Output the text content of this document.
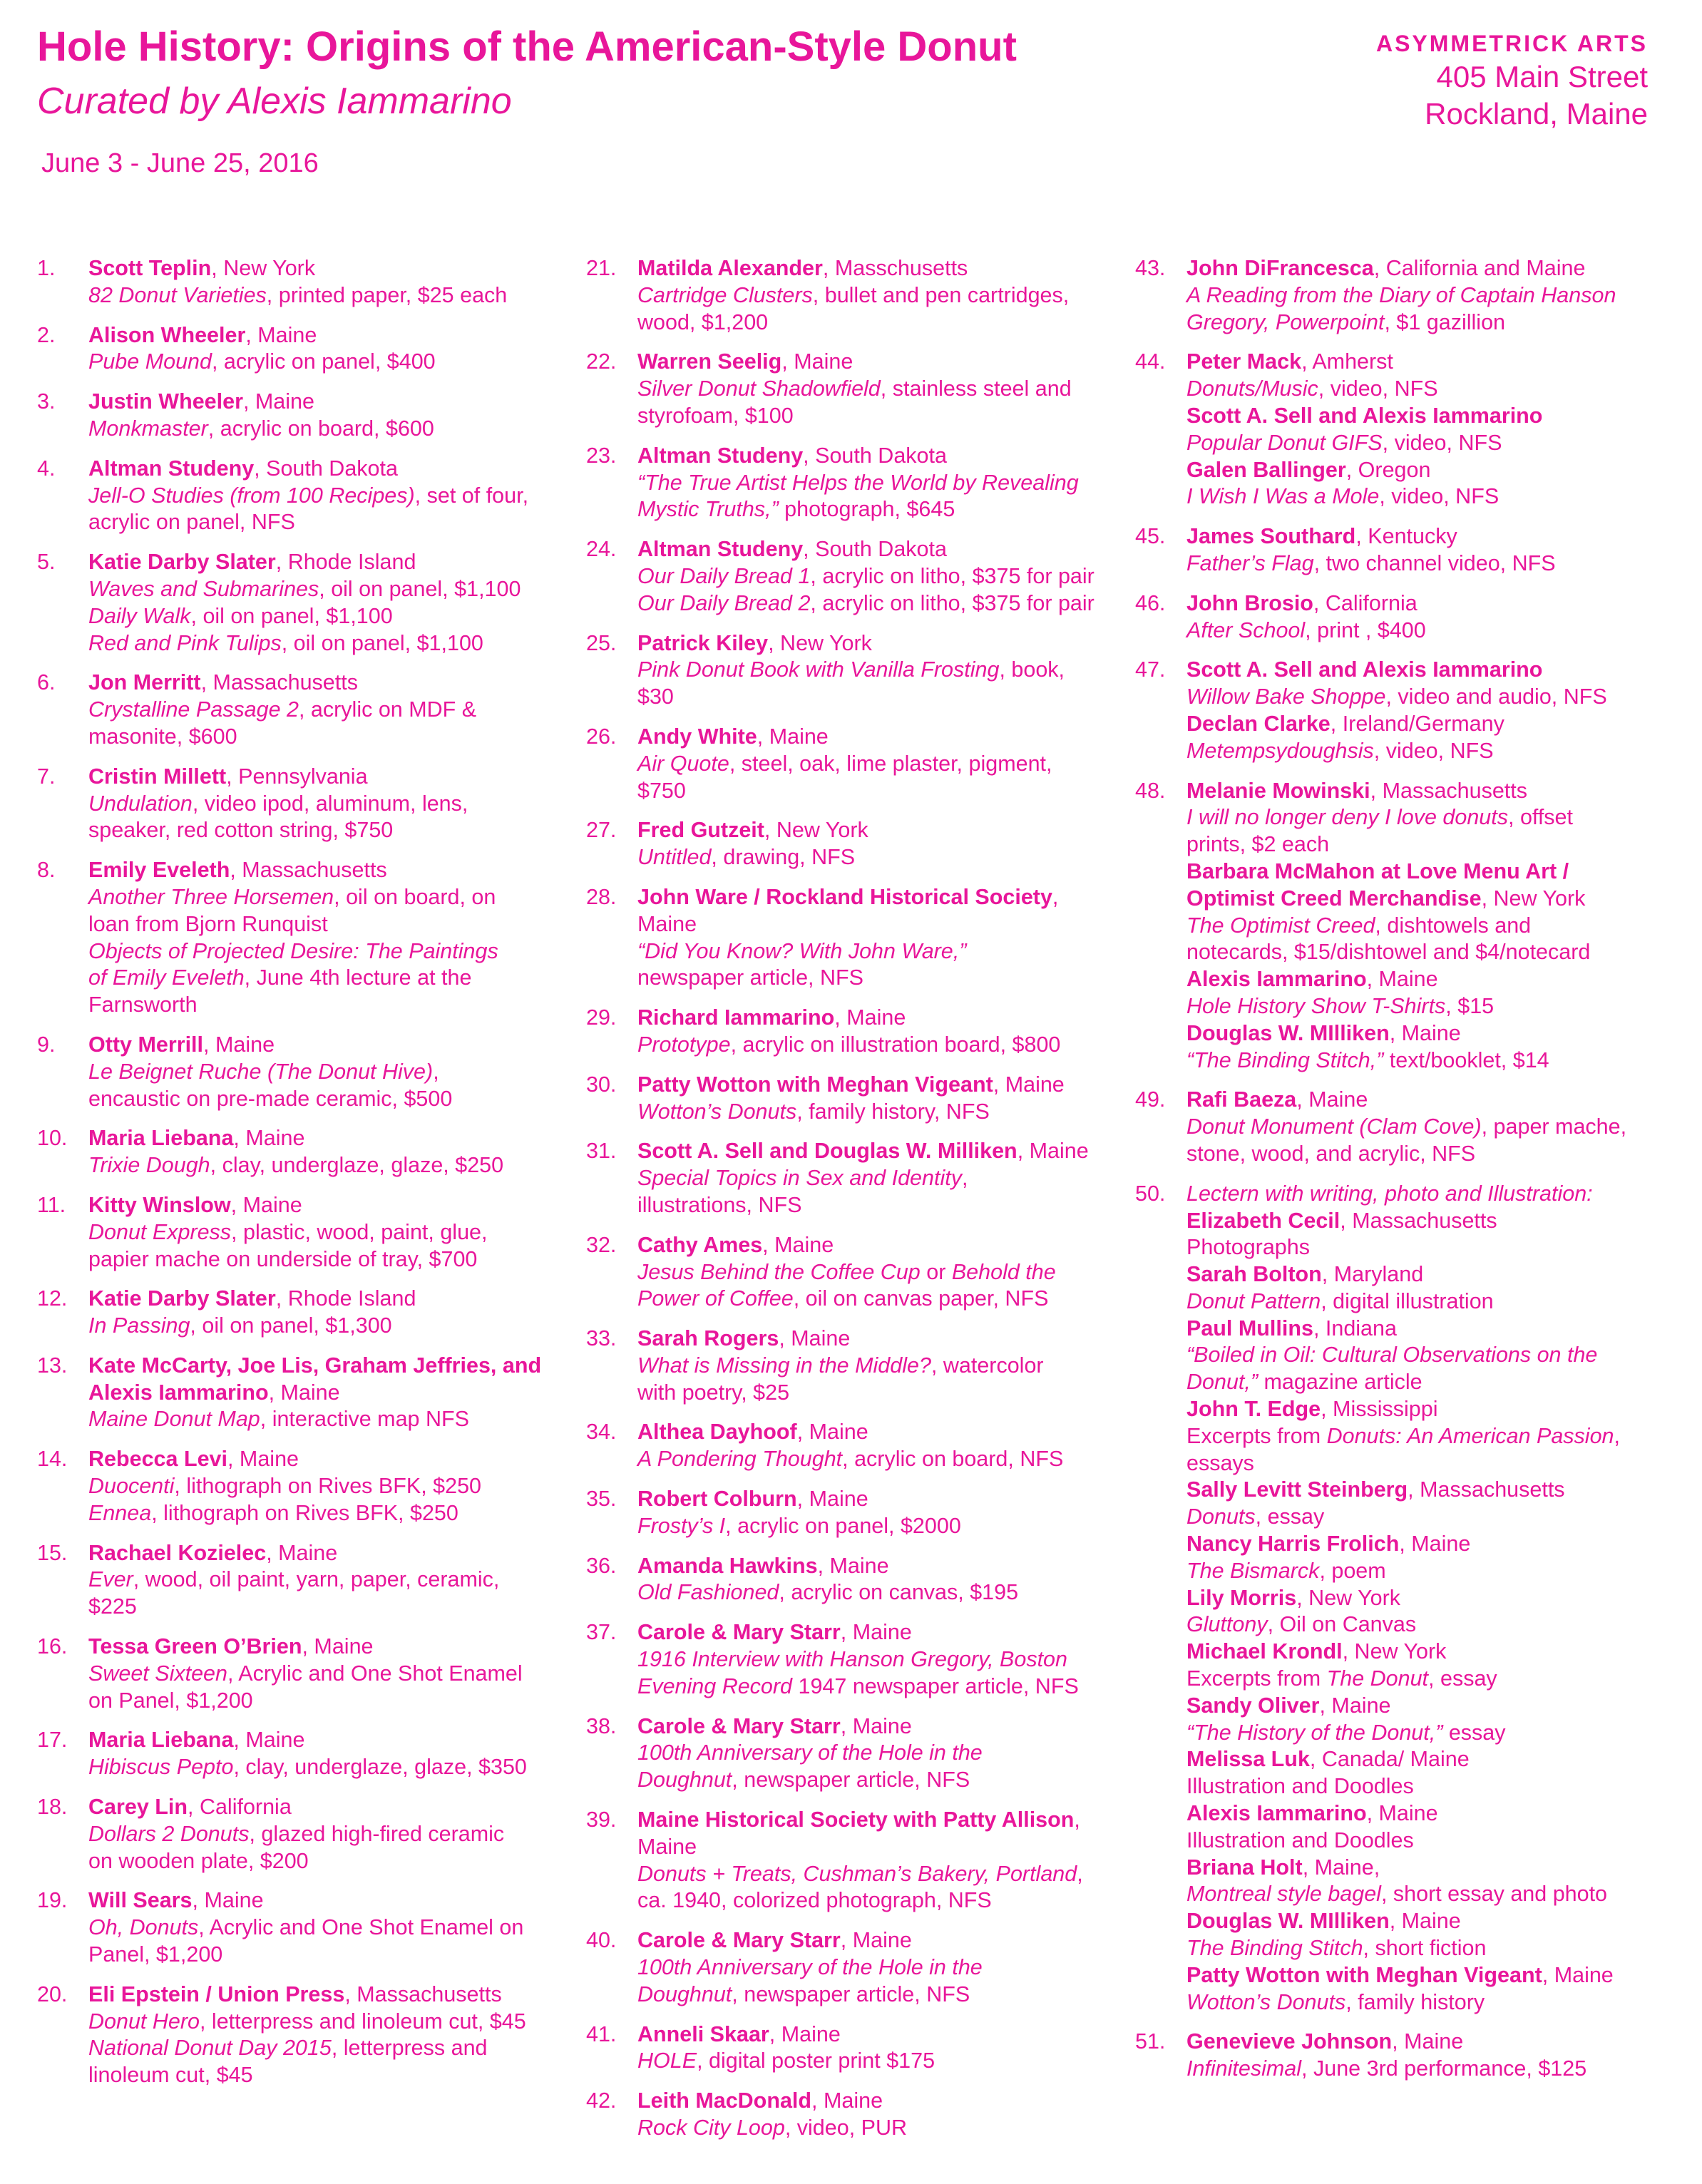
Hole History: Origins of the American-Style Donut
Curated by Alexis Iammarino
June 3 - June 25, 2016
ASYMMETRICK ARTS
405 Main Street
Rockland, Maine
1.	Scott Teplin, New York
82 Donut Varieties, printed paper, $25 each
2.	Alison Wheeler, Maine
Pube Mound, acrylic on panel, $400
3.	Justin Wheeler, Maine
Monkmaster, acrylic on board, $600
4.	Altman Studeny, South Dakota
Jell-O Studies (from 100 Recipes), set of four,
acrylic on panel, NFS
5.	Katie Darby Slater, Rhode Island
Waves and Submarines, oil on panel, $1,100
Daily Walk, oil on panel, $1,100
Red and Pink Tulips, oil on panel, $1,100
6.	Jon Merritt, Massachusetts
Crystalline Passage 2, acrylic on MDF &
masonite, $600
7.	Cristin Millett, Pennsylvania
Undulation, video ipod, aluminum, lens,
speaker, red cotton string, $750
8.	Emily Eveleth, Massachusetts
Another Three Horsemen, oil on board, on
loan from Bjorn Runquist
Objects of Projected Desire: The Paintings
of Emily Eveleth, June 4th lecture at the
Farnsworth
9.	Otty Merrill, Maine
Le Beignet Ruche (The Donut Hive),
encaustic on pre-made ceramic, $500
10. Maria Liebana, Maine
Trixie Dough, clay, underglaze, glaze, $250
11.	Kitty Winslow, Maine
Donut Express, plastic, wood, paint, glue,
papier mache on underside of tray, $700
12. Katie Darby Slater, Rhode Island
In Passing, oil on panel, $1,300
13. Kate McCarty, Joe Lis, Graham Jeffries, and
Alexis Iammarino, Maine
Maine Donut Map, interactive map NFS
14. Rebecca Levi, Maine
Duocenti, lithograph on Rives BFK, $250
Ennea, lithograph on Rives BFK, $250
15. Rachael Kozielec, Maine
Ever, wood, oil paint, yarn, paper, ceramic,
$225
16. Tessa Green O’Brien, Maine
Sweet Sixteen, Acrylic and One Shot Enamel
on Panel, $1,200
17. Maria Liebana, Maine
Hibiscus Pepto, clay, underglaze, glaze, $350
18. Carey Lin, California
Dollars 2 Donuts, glazed high-fired ceramic
on wooden plate, $200
19. Will Sears, Maine
Oh, Donuts, Acrylic and One Shot Enamel on
Panel, $1,200
20. Eli Epstein / Union Press, Massachusetts
Donut Hero, letterpress and linoleum cut, $45
National Donut Day 2015, letterpress and
linoleum cut, $45
21. Matilda Alexander, Masschusetts
Cartridge Clusters, bullet and pen cartridges,
wood, $1,200
22. Warren Seelig, Maine
Silver Donut Shadowfield, stainless steel and
styrofoam, $100
23. Altman Studeny, South Dakota
“The True Artist Helps the World by Revealing
Mystic Truths,” photograph, $645
24. Altman Studeny, South Dakota
Our Daily Bread 1, acrylic on litho, $375 for pair
Our Daily Bread 2, acrylic on litho, $375 for pair
25. Patrick Kiley, New York
Pink Donut Book with Vanilla Frosting, book,
$30
26. Andy White, Maine
Air Quote, steel, oak, lime plaster, pigment,
$750
27. Fred Gutzeit, New York
Untitled, drawing, NFS
28. John Ware / Rockland Historical Society,
Maine
“Did You Know? With John Ware,”
newspaper article, NFS
29. Richard Iammarino, Maine
Prototype, acrylic on illustration board, $800
30. Patty Wotton with Meghan Vigeant, Maine
Wotton’s Donuts, family history, NFS
31. Scott A. Sell and Douglas W. Milliken, Maine
Special Topics in Sex and Identity,
illustrations, NFS
32. Cathy Ames, Maine
Jesus Behind the Coffee Cup or Behold the
Power of Coffee, oil on canvas paper, NFS
33. Sarah Rogers, Maine
What is Missing in the Middle?, watercolor
with poetry, $25
34. Althea Dayhoof, Maine
A Pondering Thought, acrylic on board, NFS
35. Robert Colburn, Maine
Frosty’s I, acrylic on panel, $2000
36. Amanda Hawkins, Maine
Old Fashioned, acrylic on canvas, $195
37. Carole & Mary Starr, Maine
1916 Interview with Hanson Gregory, Boston
Evening Record 1947 newspaper article, NFS
38. Carole & Mary Starr, Maine
100th Anniversary of the Hole in the
Doughnut, newspaper article, NFS
39. Maine Historical Society with Patty Allison,
Maine
Donuts + Treats, Cushman’s Bakery, Portland,
ca. 1940, colorized photograph, NFS
40. Carole & Mary Starr, Maine
100th Anniversary of the Hole in the
Doughnut, newspaper article, NFS
41. Anneli Skaar, Maine
HOLE, digital poster print $175
42. Leith MacDonald, Maine
Rock City Loop, video, PUR
43. John DiFrancesca, California and Maine
A Reading from the Diary of Captain Hanson
Gregory, Powerpoint, $1 gazillion
44. Peter Mack, Amherst
Donuts/Music, video, NFS
Scott A. Sell and Alexis Iammarino
Popular Donut GIFS, video, NFS
Galen Ballinger, Oregon
I Wish I Was a Mole, video, NFS
45. James Southard, Kentucky
Father’s Flag, two channel video, NFS
46. John Brosio, California
After School, print , $400
47. Scott A. Sell and Alexis Iammarino
Willow Bake Shoppe, video and audio, NFS
Declan Clarke, Ireland/Germany
Metempsydoughsis, video, NFS
48. Melanie Mowinski, Massachusetts
I will no longer deny I love donuts, offset
prints, $2 each
Barbara McMahon at Love Menu Art /
Optimist Creed Merchandise, New York
The Optimist Creed, dishtowels and
notecards, $15/dishtowel and $4/notecard
Alexis Iammarino, Maine
Hole History Show T-Shirts, $15
Douglas W. MIlliken, Maine
“The Binding Stitch,” text/booklet, $14
49. Rafi Baeza, Maine
Donut Monument (Clam Cove), paper mache,
stone, wood, and acrylic, NFS
50. Lectern with writing, photo and Illustration:
Elizabeth Cecil, Massachusetts
Photographs
Sarah Bolton, Maryland
Donut Pattern, digital illustration
Paul Mullins, Indiana
“Boiled in Oil: Cultural Observations on the
Donut,” magazine article
John T. Edge, Mississippi
Excerpts from Donuts: An American Passion,
essays
Sally Levitt Steinberg, Massachusetts
Donuts, essay
Nancy Harris Frolich, Maine
The Bismarck, poem
Lily Morris, New York
Gluttony, Oil on Canvas
Michael Krondl, New York
Excerpts from The Donut, essay
Sandy Oliver, Maine
“The History of the Donut,” essay
Melissa Luk, Canada/ Maine
Illustration and Doodles
Alexis Iammarino, Maine
Illustration and Doodles
Briana Holt, Maine,
Montreal style bagel, short essay and photo
Douglas W. MIlliken, Maine
The Binding Stitch, short fiction
Patty Wotton with Meghan Vigeant, Maine
Wotton’s Donuts, family history
51. Genevieve Johnson, Maine
Infinitesimal, June 3rd performance, $125
